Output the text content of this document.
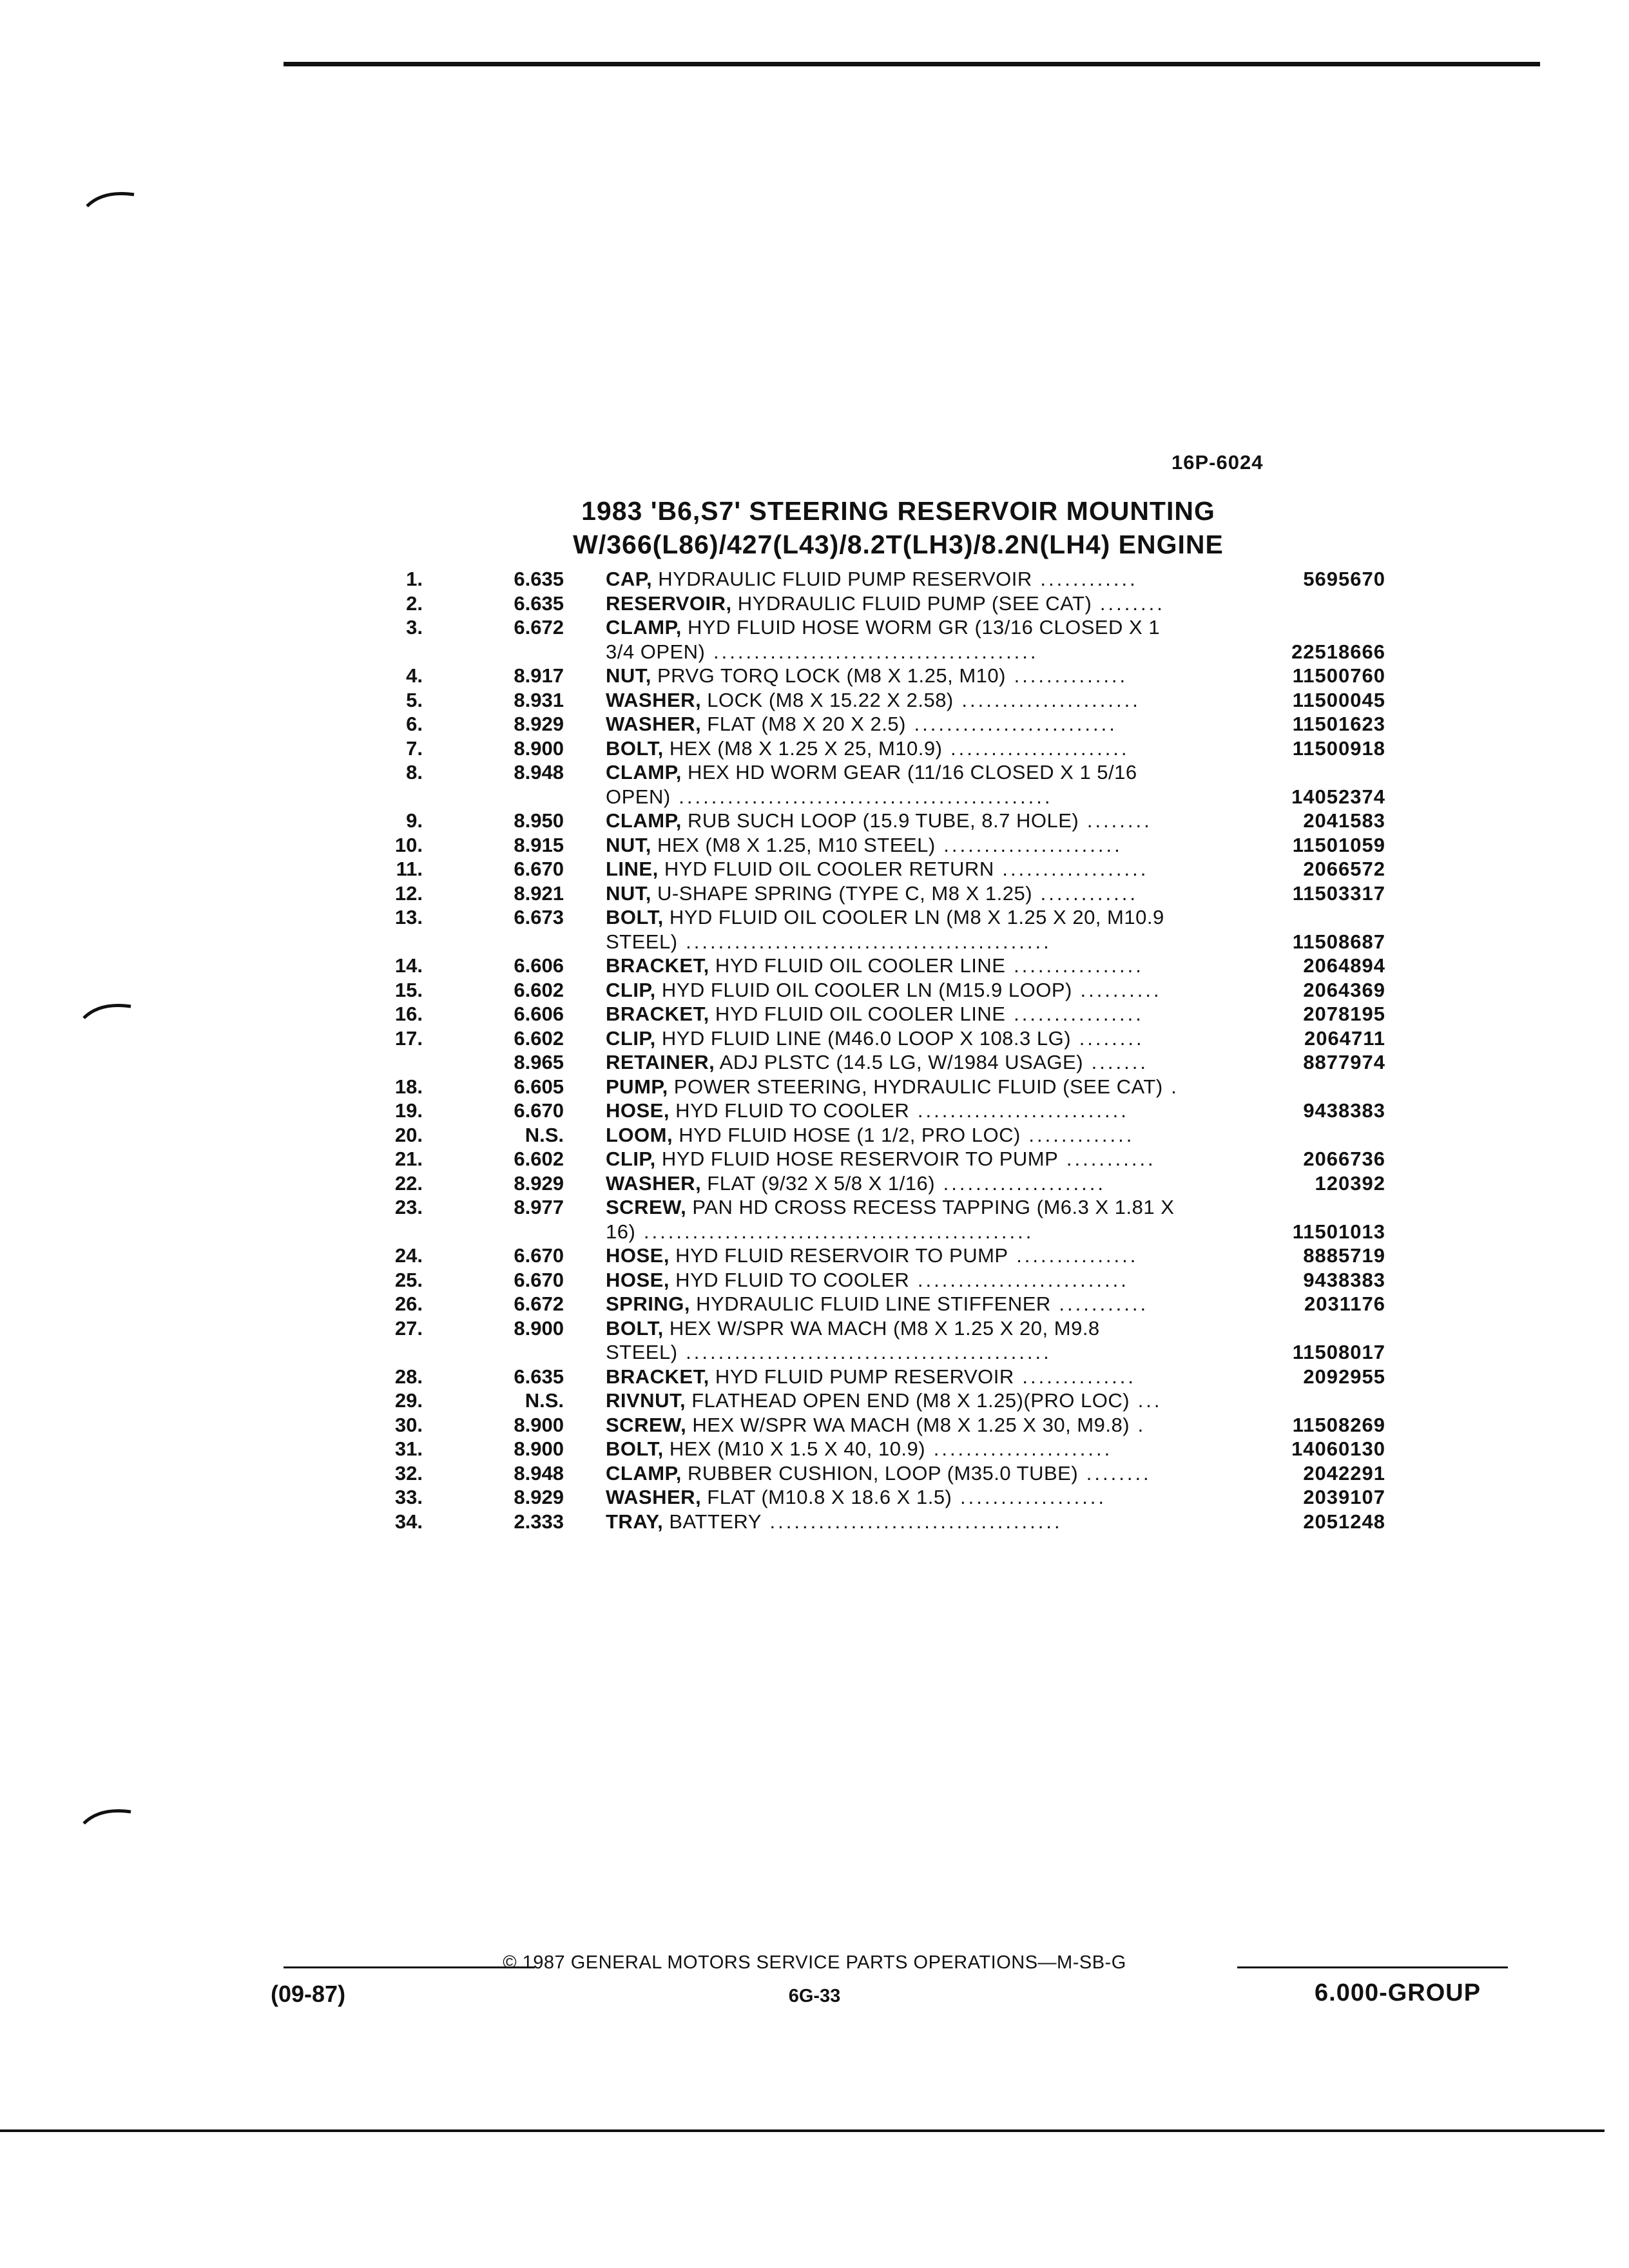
16P-6024
1983 'B6,S7' STEERING RESERVOIR MOUNTING
W/366(L86)/427(L43)/8.2T(LH3)/8.2N(LH4) ENGINE
1.	6.635 CAP, HYDRAULIC FLUID PUMP RESERVOIR ............	5695670
2.	6.635 RESERVOIR, HYDRAULIC FLUID PUMP (SEE CAT) ........
3.	6.672 CLAMP, HYD FLUID HOSE WORM GR (13/16 CLOSED X 1
3/4 OPEN) ........................................	22518666
4.	8.917 NUT, PRVG TORQ LOCK (M8 X 1.25, M10) ..............	11500760
5.	8.931 WASHER, LOCK (M8 X 15.22 X 2.58) ......................	11500045
6.	8.929 WASHER, FLAT (M8 X 20 X 2.5) .........................	11501623
7.	8.900 BOLT, HEX (M8 X 1.25 X 25, M10.9) ......................	11500918
8.	8.948 CLAMP, HEX HD WORM GEAR (11/16 CLOSED X 1 5/16
OPEN) ..............................................	14052374
9.	8.950 CLAMP, RUB SUCH LOOP (15.9 TUBE, 8.7 HOLE) ........	2041583
10.	8.915 NUT, HEX (M8 X 1.25, M10 STEEL) ......................	11501059
11.	6.670 LINE, HYD FLUID OIL COOLER RETURN ..................	2066572
12.	8.921 NUT, U-SHAPE SPRING (TYPE C, M8 X 1.25) ............	11503317
13.	6.673 BOLT, HYD FLUID OIL COOLER LN (M8 X 1.25 X 20, M10.9
STEEL) .............................................	11508687
14.	6.606 BRACKET, HYD FLUID OIL COOLER LINE ................	2064894
15.	6.602 CLIP, HYD FLUID OIL COOLER LN (M15.9 LOOP) ..........	2064369
16.	6.606 BRACKET, HYD FLUID OIL COOLER LINE ................	2078195
17.	6.602 CLIP, HYD FLUID LINE (M46.0 LOOP X 108.3 LG) ........	2064711
8.965 RETAINER, ADJ PLSTC (14.5 LG, W/1984 USAGE) .......	8877974
18.	6.605 PUMP, POWER STEERING, HYDRAULIC FLUID (SEE CAT) .
19.	6.670 HOSE, HYD FLUID TO COOLER ..........................	9438383
20.	N.S. LOOM, HYD FLUID HOSE (1 1/2, PRO LOC) .............
21.	6.602 CLIP, HYD FLUID HOSE RESERVOIR TO PUMP ...........	2066736
22.	8.929 WASHER, FLAT (9/32 X 5/8 X 1/16) ....................	120392
23.	8.977 SCREW, PAN HD CROSS RECESS TAPPING (M6.3 X 1.81 X
16) ................................................	11501013
24.	6.670 HOSE, HYD FLUID RESERVOIR TO PUMP ...............	8885719
25.	6.670 HOSE, HYD FLUID TO COOLER ..........................	9438383
26.	6.672 SPRING, HYDRAULIC FLUID LINE STIFFENER ...........	2031176
27.	8.900 BOLT, HEX W/SPR WA MACH (M8 X 1.25 X 20, M9.8
STEEL) .............................................	11508017
28.	6.635 BRACKET, HYD FLUID PUMP RESERVOIR ..............	2092955
29.	N.S. RIVNUT, FLATHEAD OPEN END (M8 X 1.25)(PRO LOC) ...
30.	8.900 SCREW, HEX W/SPR WA MACH (M8 X 1.25 X 30, M9.8) .	11508269
31.	8.900 BOLT, HEX (M10 X 1.5 X 40, 10.9) ......................	14060130
32.	8.948 CLAMP, RUBBER CUSHION, LOOP (M35.0 TUBE) ........	2042291
33.	8.929 WASHER, FLAT (M10.8 X 18.6 X 1.5) ..................	2039107
34.	2.333 TRAY, BATTERY ....................................	2051248
© 1987 GENERAL MOTORS SERVICE PARTS OPERATIONS—M-SB-G
(09-87)	6G-33	6.000-GROUP
